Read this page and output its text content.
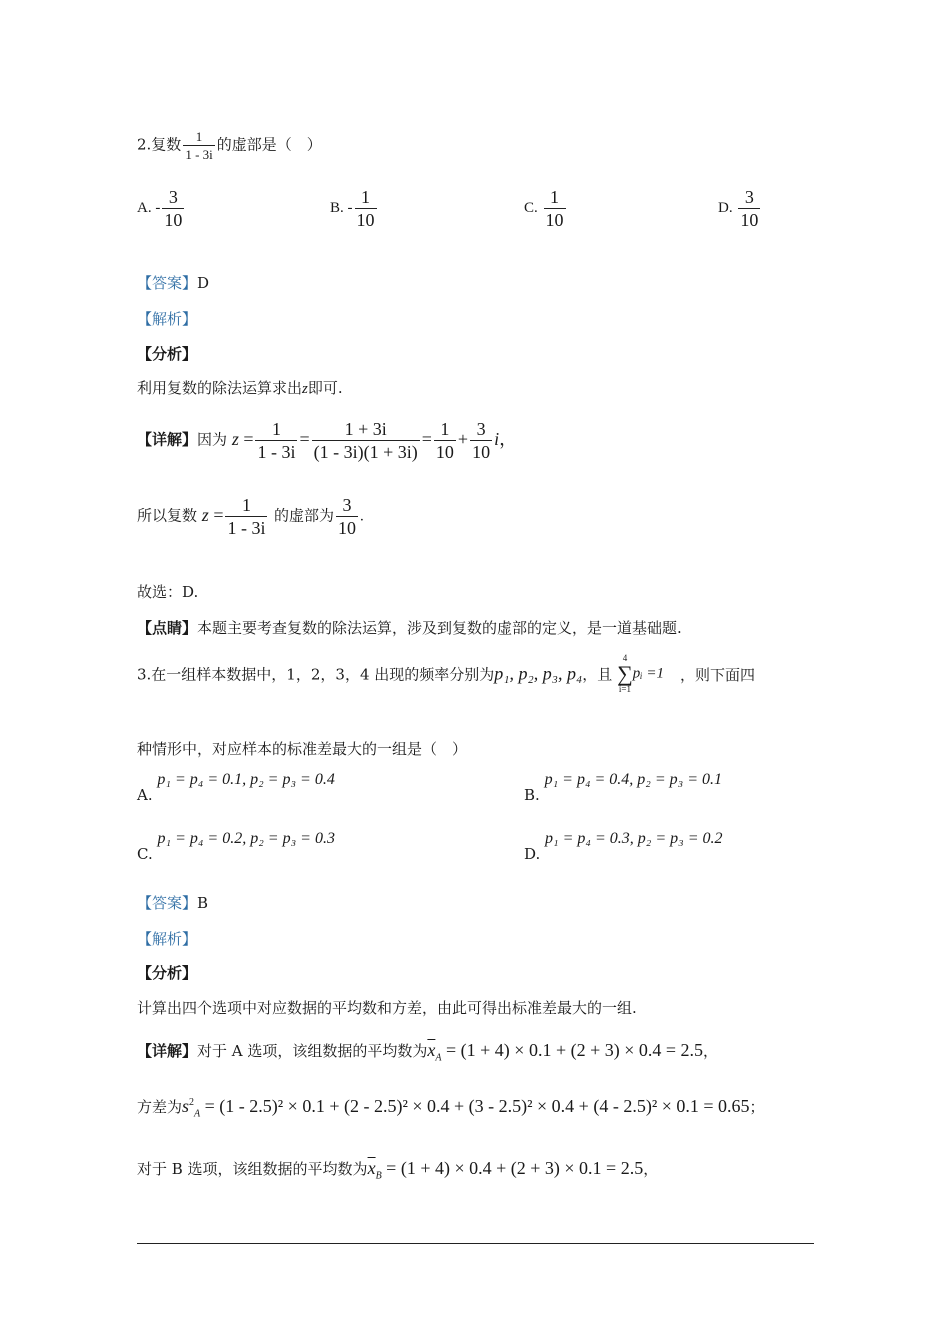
2.复数 $\frac{1}{1 - 3i}$ 的虚部是（　）
A. - $\frac{3}{10}$	B. - $\frac{1}{10}$	C. $\frac{1}{10}$	D. $\frac{3}{10}$
【答案】D
【解析】
【分析】
利用复数的除法运算求出z即可.
【详解】因为 $z = \frac{1}{1 - 3i} = \frac{1 + 3i}{(1 - 3i)(1 + 3i)} = \frac{1}{10} + \frac{3}{10}$ i，
所以复数 $z = \frac{1}{1 - 3i}$ 的虚部为 $\frac{3}{10}$ .
故选：D.
【点睛】本题主要考查复数的除法运算，涉及到复数的虚部的定义，是一道基础题.
3.在一组样本数据中，1，2，3，4 出现的频率分别为p₁, p₂, p₃, p₄，且
4
∑
i=1
pᵢ =1 ，则下面四
种情形中，对应样本的标准差最大的一组是（　）
A. p₁ = p₄ = 0.1, p₂ = p₃ = 0.4
B. p₁ = p₄ = 0.4, p₂ = p₃ = 0.1
C. p₁ = p₄ = 0.2, p₂ = p₃ = 0.3
D. p₁ = p₄ = 0.3, p₂ = p₃ = 0.2
【答案】B
【解析】
【分析】
计算出四个选项中对应数据的平均数和方差，由此可得出标准差最大的一组.
【详解】对于 A 选项，该组数据的平均数为$\overline{x}_A = (1 + 4) \times 0.1 + (2 + 3) \times 0.4 = 2.5$，
方差为$s^2_A = (1 - 2.5)^2 \times 0.1 + (2 - 2.5)^2 \times 0.4 + (3 - 2.5)^2 \times 0.4 + (4 - 2.5)^2 \times 0.1 = 0.65$；
对于 B 选项，该组数据的平均数为$\overline{x}_B = (1 + 4) \times 0.4 + (2 + 3) \times 0.1 = 2.5$，
